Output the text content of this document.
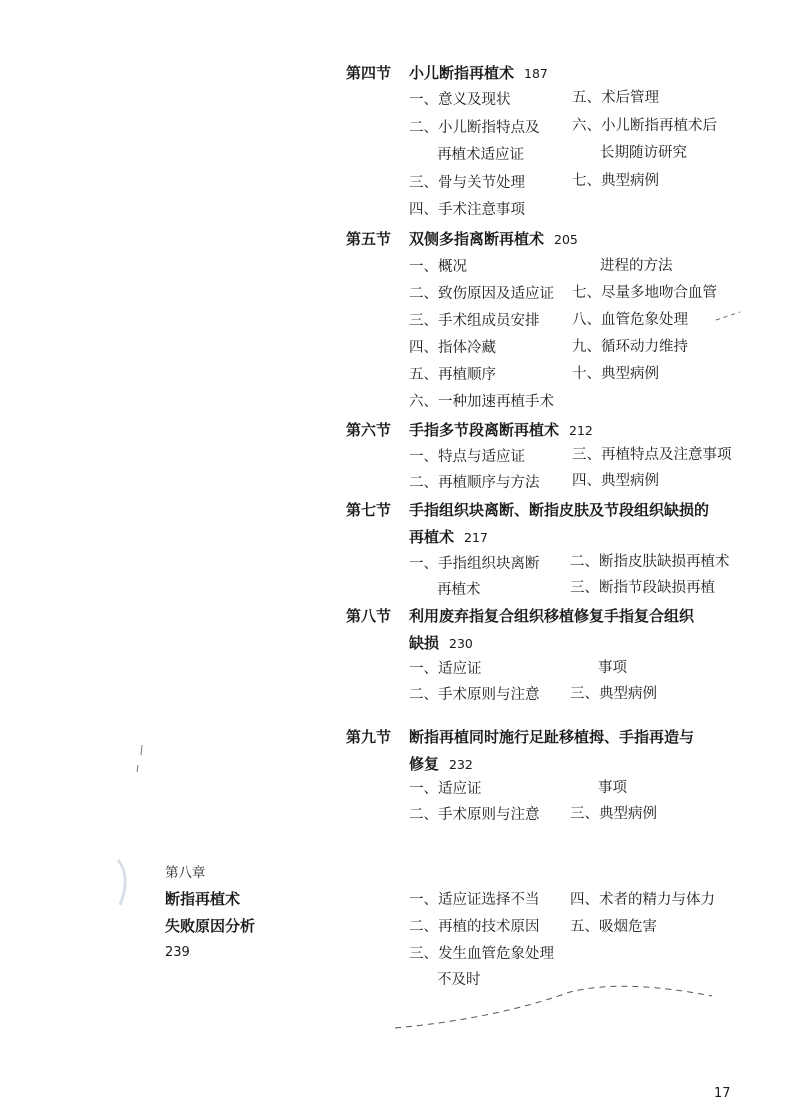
第四节 小儿断指再植术 187
一、意义及现状
二、小儿断指特点及
再植术适应证
三、骨与关节处理
四、手术注意事项
五、术后管理
六、小儿断指再植术后
长期随访研究
七、典型病例
第五节 双侧多指离断再植术 205
一、概况
二、致伤原因及适应证
三、手术组成员安排
四、指体冷藏
五、再植顺序
六、一种加速再植手术
进程的方法
七、尽量多地吻合血管
八、血管危象处理
九、循环动力维持
十、典型病例
第六节 手指多节段离断再植术 212
一、特点与适应证
二、再植顺序与方法
三、再植特点及注意事项
四、典型病例
第七节 手指组织块离断、断指皮肤及节段组织缺损的
再植术 217
一、手指组织块离断
再植术
二、断指皮肤缺损再植术
三、断指节段缺损再植
第八节 利用废弃指复合组织移植修复手指复合组织
缺损 230
一、适应证
二、手术原则与注意
事项
三、典型病例
第九节 断指再植同时施行足趾移植拇、手指再造与
修复 232
一、适应证
二、手术原则与注意
事项
三、典型病例
第八章
断指再植术
失败原因分析
239
一、适应证选择不当
二、再植的技术原因
三、发生血管危象处理
不及时
四、术者的精力与体力
五、吸烟危害
17
